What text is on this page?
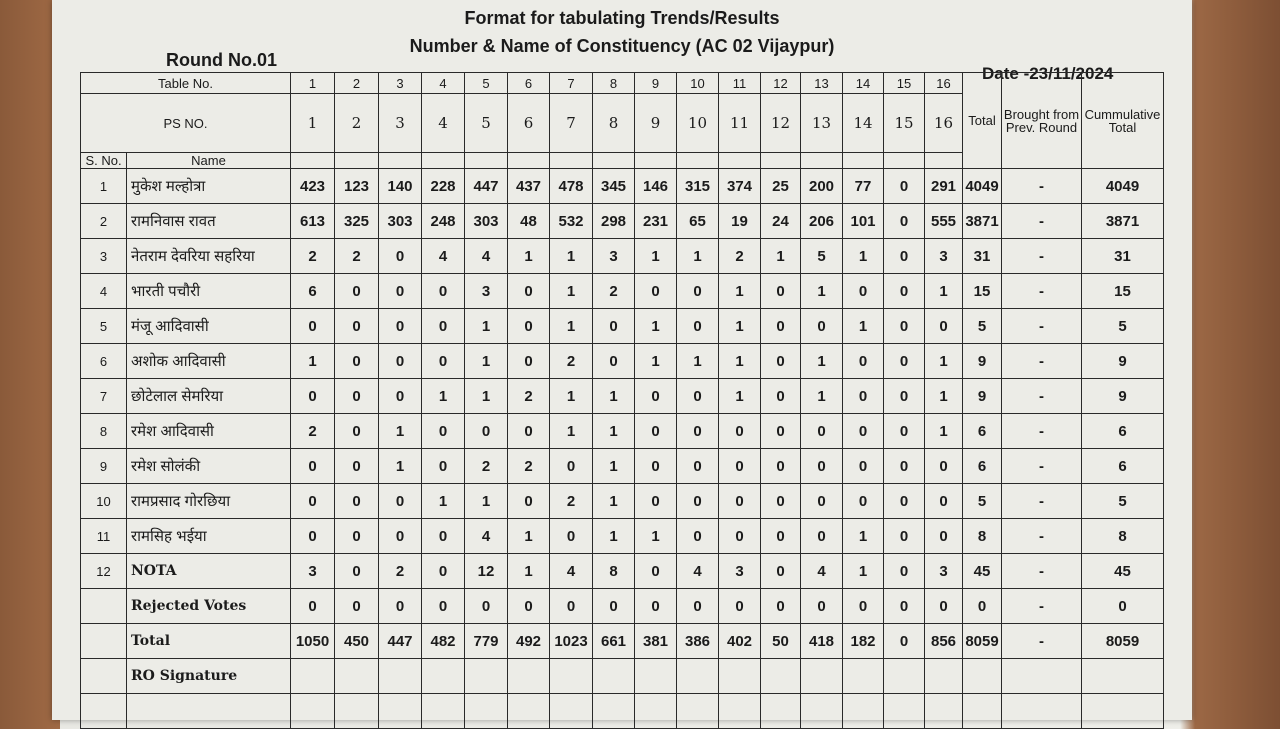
Format for tabulating Trends/Results
Number & Name of Constituency (AC 02 Vijaypur)
Round No.01
Date -23/11/2024
Table No.		1	2	3	4	5	6	7	8	9	10	11	12	13	14	15	16	Total	Brought from Prev. Round	Cummulative Total
PS NO.		1	2	3	4	5	6	7	8	9	10	11	12	13	14	15	16			
S. No.	Name																			
1	मुकेश मल्होत्रा	423	123	140	228	447	437	478	345	146	315	374	25	200	77	0	291	4049	-	4049
2	रामनिवास रावत	613	325	303	248	303	48	532	298	231	65	19	24	206	101	0	555	3871	-	3871
3	नेतराम देवरिया सहरिया	2	2	0	4	4	1	1	3	1	1	2	1	5	1	0	3	31	-	31
4	भारती पचौरी	6	0	0	0	3	0	1	2	0	0	1	0	1	0	0	1	15	-	15
5	मंजू आदिवासी	0	0	0	0	1	0	1	0	1	0	1	0	0	1	0	0	5	-	5
6	अशोक आदिवासी	1	0	0	0	1	0	2	0	1	1	1	0	1	0	0	1	9	-	9
7	छोटेलाल सेमरिया	0	0	0	1	1	2	1	1	0	0	1	0	1	0	0	1	9	-	9
8	रमेश आदिवासी	2	0	1	0	0	0	1	1	0	0	0	0	0	0	0	1	6	-	6
9	रमेश सोलंकी	0	0	1	0	2	2	0	1	0	0	0	0	0	0	0	0	6	-	6
10	रामप्रसाद गोरछिया	0	0	0	1	1	0	2	1	0	0	0	0	0	0	0	0	5	-	5
11	रामसिह भईया	0	0	0	0	4	1	0	1	1	0	0	0	0	1	0	0	8	-	8
12	NOTA	3	0	2	0	12	1	4	8	0	4	3	0	4	1	0	3	45	-	45
	Rejected Votes	0	0	0	0	0	0	0	0	0	0	0	0	0	0	0	0	0	-	0
	Total	1050	450	447	482	779	492	1023	661	381	386	402	50	418	182	0	856	8059	-	8059
	RO Signature																			
